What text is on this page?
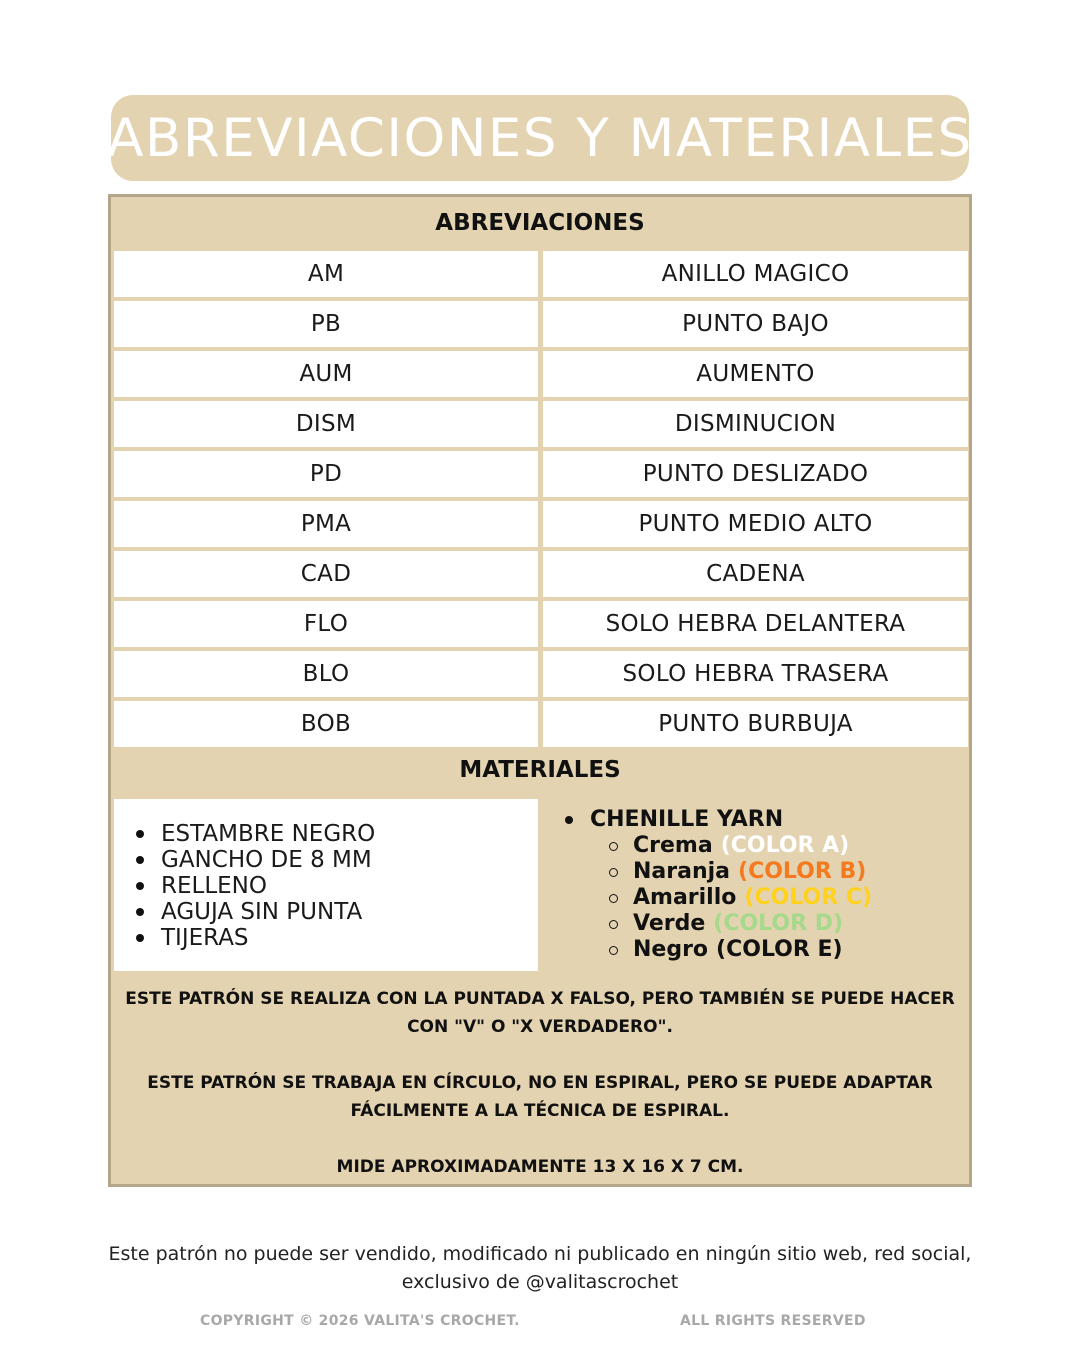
ABREVIACIONES Y MATERIALES
ABREVIACIONES
AM	ANILLO MAGICO
PB	PUNTO BAJO
AUM	AUMENTO
DISM	DISMINUCION
PD	PUNTO DESLIZADO
PMA	PUNTO MEDIO ALTO
CAD	CADENA
FLO	SOLO HEBRA DELANTERA
BLO	SOLO HEBRA TRASERA
BOB	PUNTO BURBUJA
MATERIALES
ESTAMBRE NEGRO
GANCHO DE 8 MM
RELLENO
AGUJA SIN PUNTA
TIJERAS
CHENILLE YARN
Crema (COLOR A)
Naranja (COLOR B)
Amarillo (COLOR C)
Verde (COLOR D)
Negro (COLOR E)

ESTE PATRÓN SE REALIZA CON LA PUNTADA X FALSO, PERO TAMBIÉN SE PUEDE HACER

CON "V" O "X VERDADERO".

ESTE PATRÓN SE TRABAJA EN CÍRCULO, NO EN ESPIRAL, PERO SE PUEDE ADAPTAR

FÁCILMENTE A LA TÉCNICA DE ESPIRAL.

MIDE APROXIMADAMENTE 13 X 16 X 7 CM.

Este patrón no puede ser vendido, modificado ni publicado en ningún sitio web, red social,
exclusivo de @valitascrochet
COPYRIGHT © 2026 VALITA'S CROCHET.	ALL RIGHTS RESERVED
